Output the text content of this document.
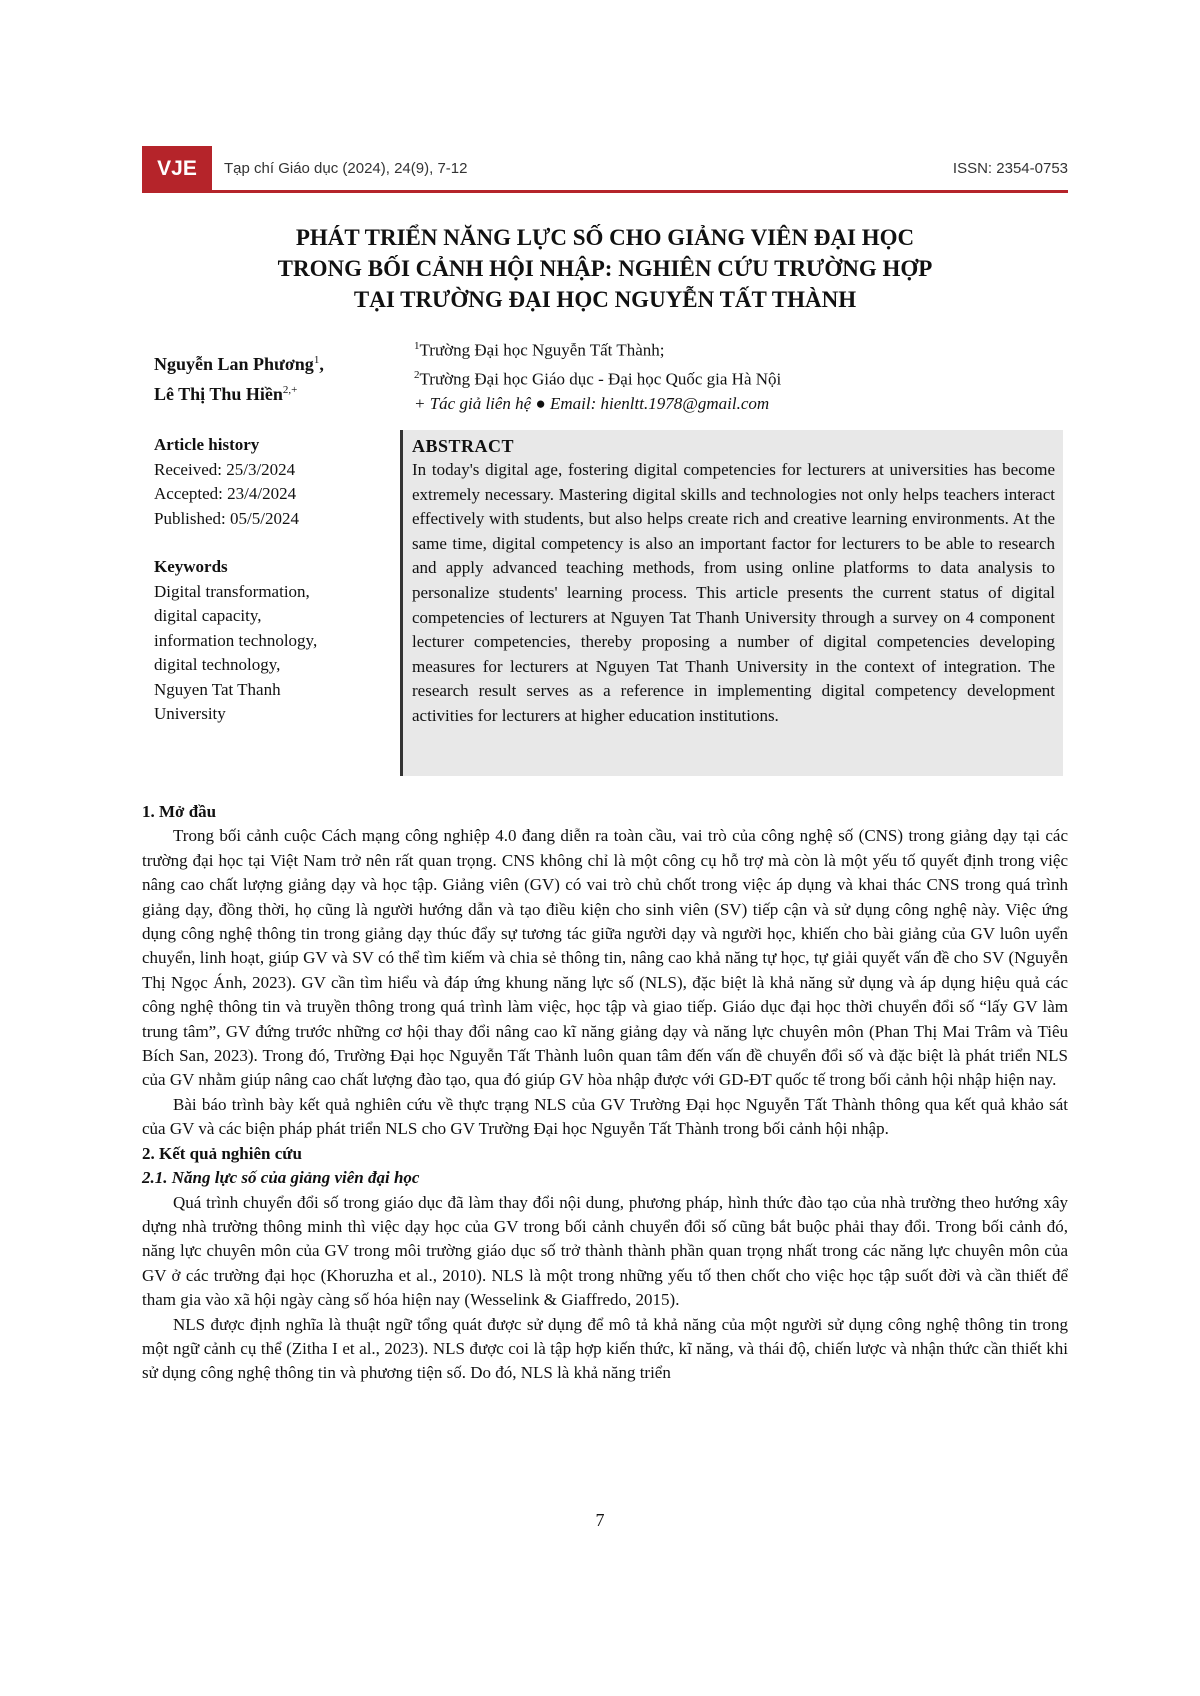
VJE	Tạp chí Giáo dục (2024), 24(9), 7-12	ISSN: 2354-0753
PHÁT TRIỂN NĂNG LỰC SỐ CHO GIẢNG VIÊN ĐẠI HỌC
TRONG BỐI CẢNH HỘI NHẬP: NGHIÊN CỨU TRƯỜNG HỢP
TẠI TRƯỜNG ĐẠI HỌC NGUYỄN TẤT THÀNH
Nguyễn Lan Phương$^1$,
Lê Thị Thu Hiền$^{2,+}$
$^1$Trường Đại học Nguyễn Tất Thành;
$^2$Trường Đại học Giáo dục - Đại học Quốc gia Hà Nội
+ Tác giả liên hệ ● Email: hienltt.1978@gmail.com
Article history
Received: 25/3/2024
Accepted: 23/4/2024
Published: 05/5/2024
Keywords
Digital transformation,
digital capacity,
information technology,
digital technology,
Nguyen Tat Thanh
University
ABSTRACT
In today's digital age, fostering digital competencies for lecturers at universities has become extremely necessary. Mastering digital skills and technologies not only helps teachers interact effectively with students, but also helps create rich and creative learning environments. At the same time, digital competency is also an important factor for lecturers to be able to research and apply advanced teaching methods, from using online platforms to data analysis to personalize students' learning process. This article presents the current status of digital competencies of lecturers at Nguyen Tat Thanh University through a survey on 4 component lecturer competencies, thereby proposing a number of digital competencies developing measures for lecturers at Nguyen Tat Thanh University in the context of integration. The research result serves as a reference in implementing digital competency development activities for lecturers at higher education institutions.
1. Mở đầu

Trong bối cảnh cuộc Cách mạng công nghiệp 4.0 đang diễn ra toàn cầu, vai trò của công nghệ số (CNS) trong giảng dạy tại các trường đại học tại Việt Nam trở nên rất quan trọng. CNS không chỉ là một công cụ hỗ trợ mà còn là một yếu tố quyết định trong việc nâng cao chất lượng giảng dạy và học tập. Giảng viên (GV) có vai trò chủ chốt trong việc áp dụng và khai thác CNS trong quá trình giảng dạy, đồng thời, họ cũng là người hướng dẫn và tạo điều kiện cho sinh viên (SV) tiếp cận và sử dụng công nghệ này. Việc ứng dụng công nghệ thông tin trong giảng dạy thúc đẩy sự tương tác giữa người dạy và người học, khiến cho bài giảng của GV luôn uyển chuyển, linh hoạt, giúp GV và SV có thể tìm kiếm và chia sẻ thông tin, nâng cao khả năng tự học, tự giải quyết vấn đề cho SV (Nguyễn Thị Ngọc Ánh, 2023). GV cần tìm hiểu và đáp ứng khung năng lực số (NLS), đặc biệt là khả năng sử dụng và áp dụng hiệu quả các công nghệ thông tin và truyền thông trong quá trình làm việc, học tập và giao tiếp. Giáo dục đại học thời chuyển đổi số “lấy GV làm trung tâm”, GV đứng trước những cơ hội thay đổi nâng cao kĩ năng giảng dạy và năng lực chuyên môn (Phan Thị Mai Trâm và Tiêu Bích San, 2023). Trong đó, Trường Đại học Nguyễn Tất Thành luôn quan tâm đến vấn đề chuyển đổi số và đặc biệt là phát triển NLS của GV nhằm giúp nâng cao chất lượng đào tạo, qua đó giúp GV hòa nhập được với GD-ĐT quốc tế trong bối cảnh hội nhập hiện nay.

Bài báo trình bày kết quả nghiên cứu về thực trạng NLS của GV Trường Đại học Nguyễn Tất Thành thông qua kết quả khảo sát của GV và các biện pháp phát triển NLS cho GV Trường Đại học Nguyễn Tất Thành trong bối cảnh hội nhập.

2. Kết quả nghiên cứu
2.1. Năng lực số của giảng viên đại học

Quá trình chuyển đổi số trong giáo dục đã làm thay đổi nội dung, phương pháp, hình thức đào tạo của nhà trường theo hướng xây dựng nhà trường thông minh thì việc dạy học của GV trong bối cảnh chuyển đổi số cũng bắt buộc phải thay đổi. Trong bối cảnh đó, năng lực chuyên môn của GV trong môi trường giáo dục số trở thành thành phần quan trọng nhất trong các năng lực chuyên môn của GV ở các trường đại học (Khoruzha et al., 2010). NLS là một trong những yếu tố then chốt cho việc học tập suốt đời và cần thiết để tham gia vào xã hội ngày càng số hóa hiện nay (Wesselink & Giaffredo, 2015).

NLS được định nghĩa là thuật ngữ tổng quát được sử dụng để mô tả khả năng của một người sử dụng công nghệ thông tin trong một ngữ cảnh cụ thể (Zitha I et al., 2023). NLS được coi là tập hợp kiến thức, kĩ năng, và thái độ, chiến lược và nhận thức cần thiết khi sử dụng công nghệ thông tin và phương tiện số. Do đó, NLS là khả năng triển

7
